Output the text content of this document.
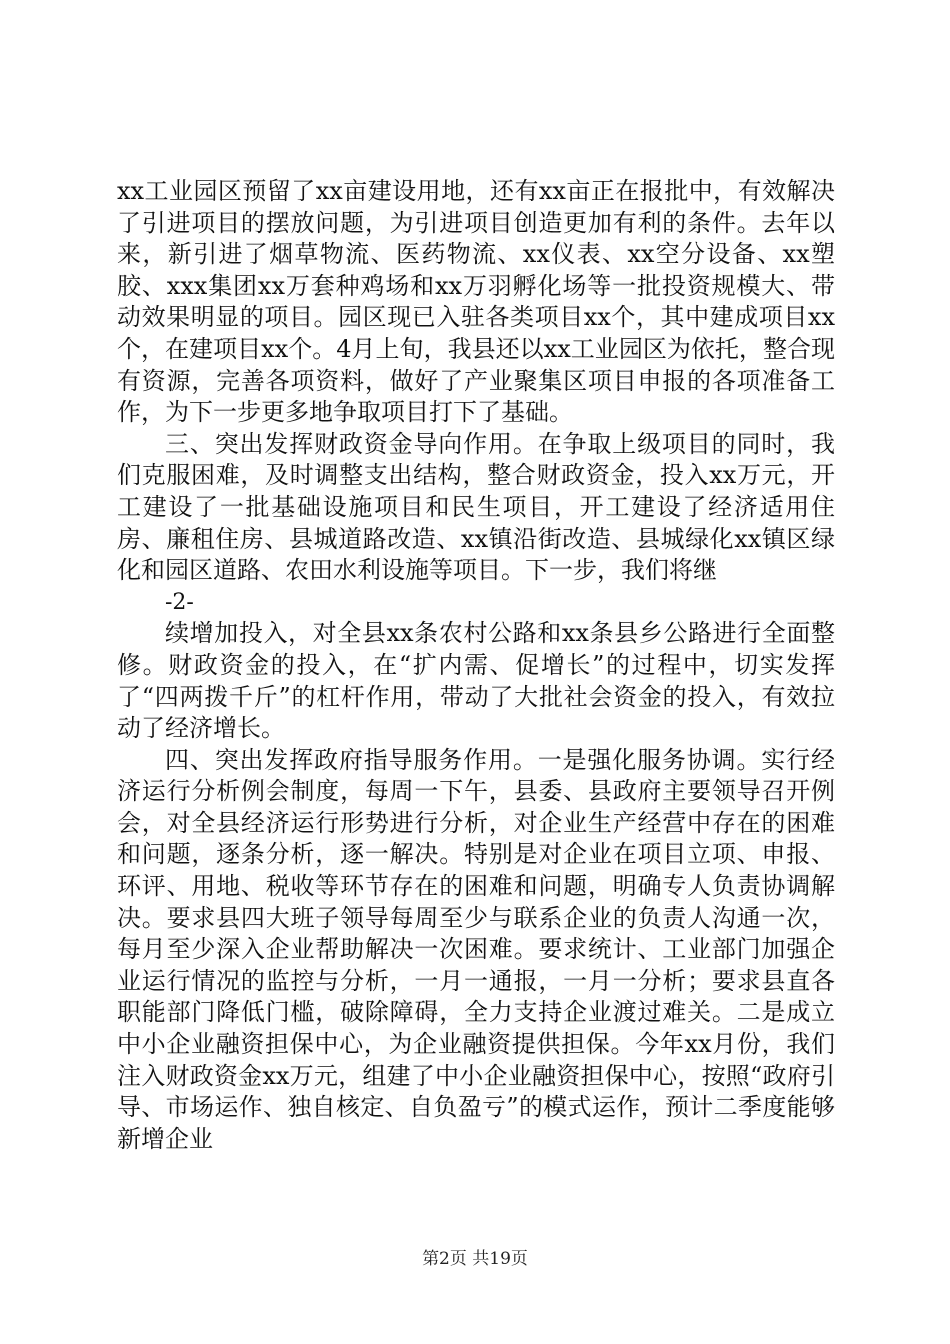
xx工业园区预留了xx亩建设用地，还有xx亩正在报批中，有效解决了引进项目的摆放问题，为引进项目创造更加有利的条件。去年以来，新引进了烟草物流、医药物流、xx仪表、xx空分设备、xx塑胶、xxx集团xx万套种鸡场和xx万羽孵化场等一批投资规模大、带动效果明显的项目。园区现已入驻各类项目xx个，其中建成项目xx个，在建项目xx个。4月上旬，我县还以xx工业园区为依托，整合现有资源，完善各项资料，做好了产业聚集区项目申报的各项准备工作，为下一步更多地争取项目打下了基础。

三、突出发挥财政资金导向作用。在争取上级项目的同时，我们克服困难，及时调整支出结构，整合财政资金，投入xx万元，开工建设了一批基础设施项目和民生项目，开工建设了经济适用住房、廉租住房、县城道路改造、xx镇沿街改造、县城绿化xx镇区绿化和园区道路、农田水利设施等项目。下一步，我们将继

-2-

续增加投入，对全县xx条农村公路和xx条县乡公路进行全面整修。财政资金的投入，在“扩内需、促增长”的过程中，切实发挥了“四两拨千斤”的杠杆作用，带动了大批社会资金的投入，有效拉动了经济增长。

四、突出发挥政府指导服务作用。一是强化服务协调。实行经济运行分析例会制度，每周一下午，县委、县政府主要领导召开例会，对全县经济运行形势进行分析，对企业生产经营中存在的困难和问题，逐条分析，逐一解决。特别是对企业在项目立项、申报、环评、用地、税收等环节存在的困难和问题，明确专人负责协调解决。要求县四大班子领导每周至少与联系企业的负责人沟通一次，每月至少深入企业帮助解决一次困难。要求统计、工业部门加强企业运行情况的监控与分析，一月一通报，一月一分析；要求县直各职能部门降低门槛，破除障碍，全力支持企业渡过难关。二是成立中小企业融资担保中心，为企业融资提供担保。今年xx月份，我们注入财政资金xx万元，组建了中小企业融资担保中心，按照“政府引导、市场运作、独自核定、自负盈亏”的模式运作，预计二季度能够新增企业

第2页 共19页
